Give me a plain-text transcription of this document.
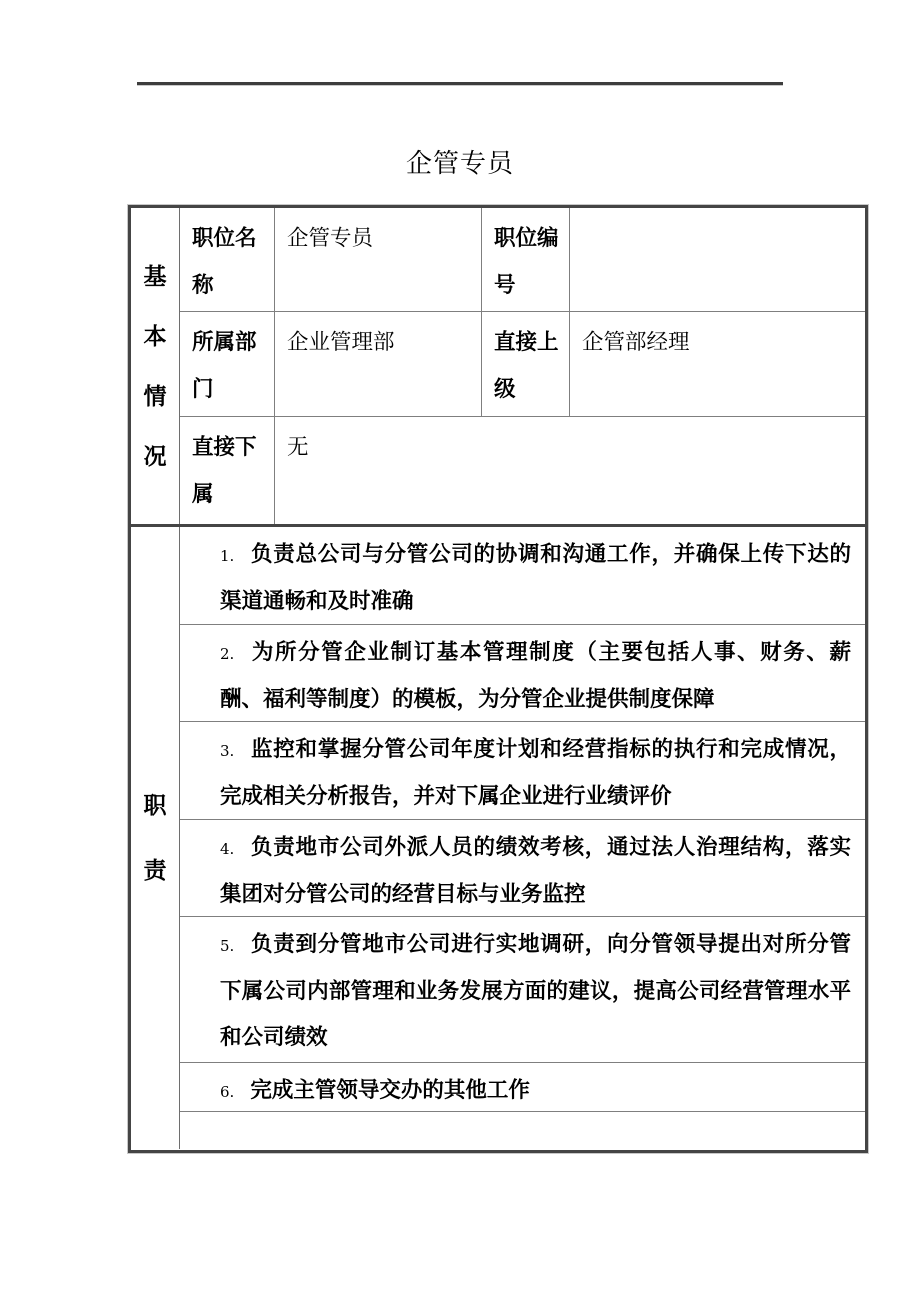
企管专员
基本情况
职位名称
企管专员	职位编号
所属部门
企业管理部	直接上级
企管部经理
直接下属
无
职责

1. 负责总公司与分管公司的协调和沟通工作，并确保上传下达的渠道通畅和及时准确

2. 为所分管企业制订基本管理制度（主要包括人事、财务、薪酬、福利等制度）的模板，为分管企业提供制度保障

3. 监控和掌握分管公司年度计划和经营指标的执行和完成情况，完成相关分析报告，并对下属企业进行业绩评价

4. 负责地市公司外派人员的绩效考核，通过法人治理结构，落实集团对分管公司的经营目标与业务监控

5. 负责到分管地市公司进行实地调研，向分管领导提出对所分管下属公司内部管理和业务发展方面的建议，提高公司经营管理水平和公司绩效

6. 完成主管领导交办的其他工作
